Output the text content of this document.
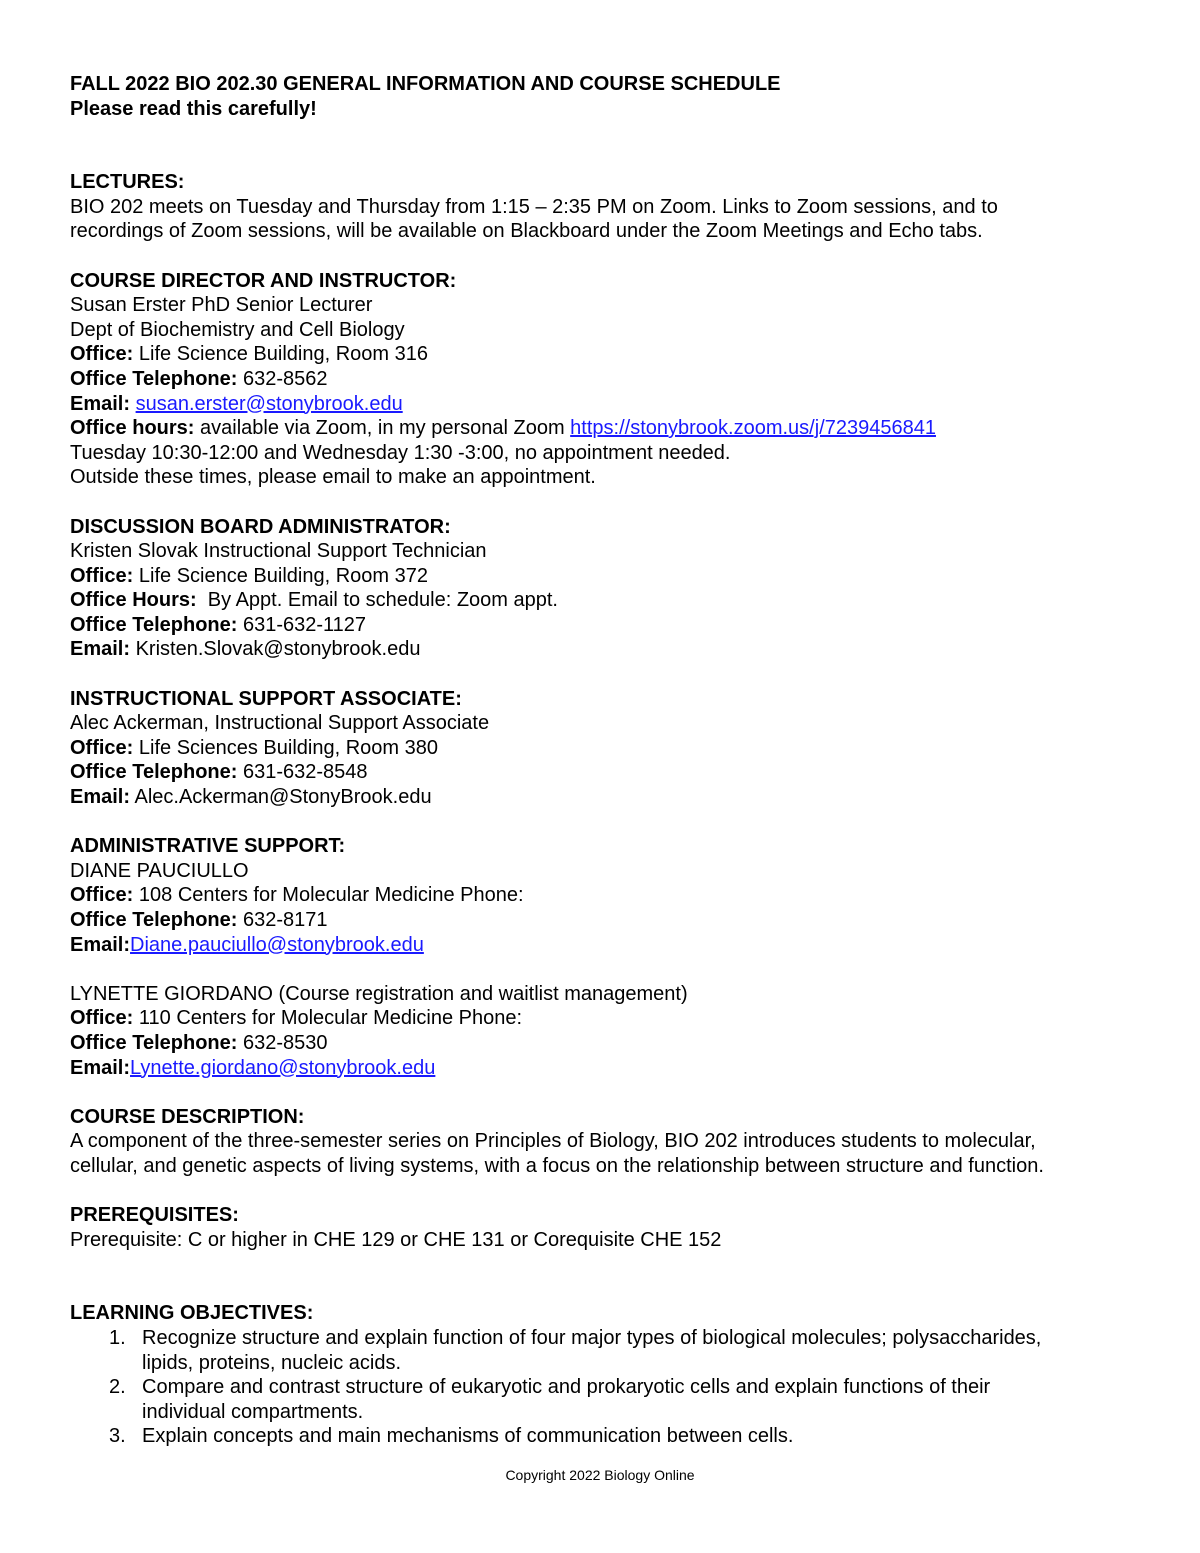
FALL 2022 BIO 202.30 GENERAL INFORMATION AND COURSE SCHEDULE
Please read this carefully!
LECTURES:
BIO 202 meets on Tuesday and Thursday from 1:15 – 2:35 PM on Zoom. Links to Zoom sessions, and to
recordings of Zoom sessions, will be available on Blackboard under the Zoom Meetings and Echo tabs.
COURSE DIRECTOR AND INSTRUCTOR:
Susan Erster PhD Senior Lecturer
Dept of Biochemistry and Cell Biology
Office: Life Science Building, Room 316
Office Telephone: 632-8562
Email: susan.erster@stonybrook.edu
Office hours: available via Zoom, in my personal Zoom https://stonybrook.zoom.us/j/7239456841
Tuesday 10:30-12:00 and Wednesday 1:30 -3:00, no appointment needed.
Outside these times, please email to make an appointment.
DISCUSSION BOARD ADMINISTRATOR:
Kristen Slovak Instructional Support Technician
Office: Life Science Building, Room 372
Office Hours:  By Appt. Email to schedule: Zoom appt.
Office Telephone: 631-632-1127
Email: Kristen.Slovak@stonybrook.edu
INSTRUCTIONAL SUPPORT ASSOCIATE:
Alec Ackerman, Instructional Support Associate
Office: Life Sciences Building, Room 380
Office Telephone: 631-632-8548
Email: Alec.Ackerman@StonyBrook.edu
ADMINISTRATIVE SUPPORT:
DIANE PAUCIULLO
Office: 108 Centers for Molecular Medicine Phone:
Office Telephone: 632-8171
Email:Diane.pauciullo@stonybrook.edu
LYNETTE GIORDANO (Course registration and waitlist management)
Office: 110 Centers for Molecular Medicine Phone:
Office Telephone: 632-8530
Email:Lynette.giordano@stonybrook.edu
COURSE DESCRIPTION:
A component of the three-semester series on Principles of Biology, BIO 202 introduces students to molecular,
cellular, and genetic aspects of living systems, with a focus on the relationship between structure and function.
PREREQUISITES:
Prerequisite: C or higher in CHE 129 or CHE 131 or Corequisite CHE 152
LEARNING OBJECTIVES:
1. Recognize structure and explain function of four major types of biological molecules; polysaccharides,
lipids, proteins, nucleic acids.
2. Compare and contrast structure of eukaryotic and prokaryotic cells and explain functions of their
individual compartments.
3. Explain concepts and main mechanisms of communication between cells.
Copyright 2022 Biology Online
